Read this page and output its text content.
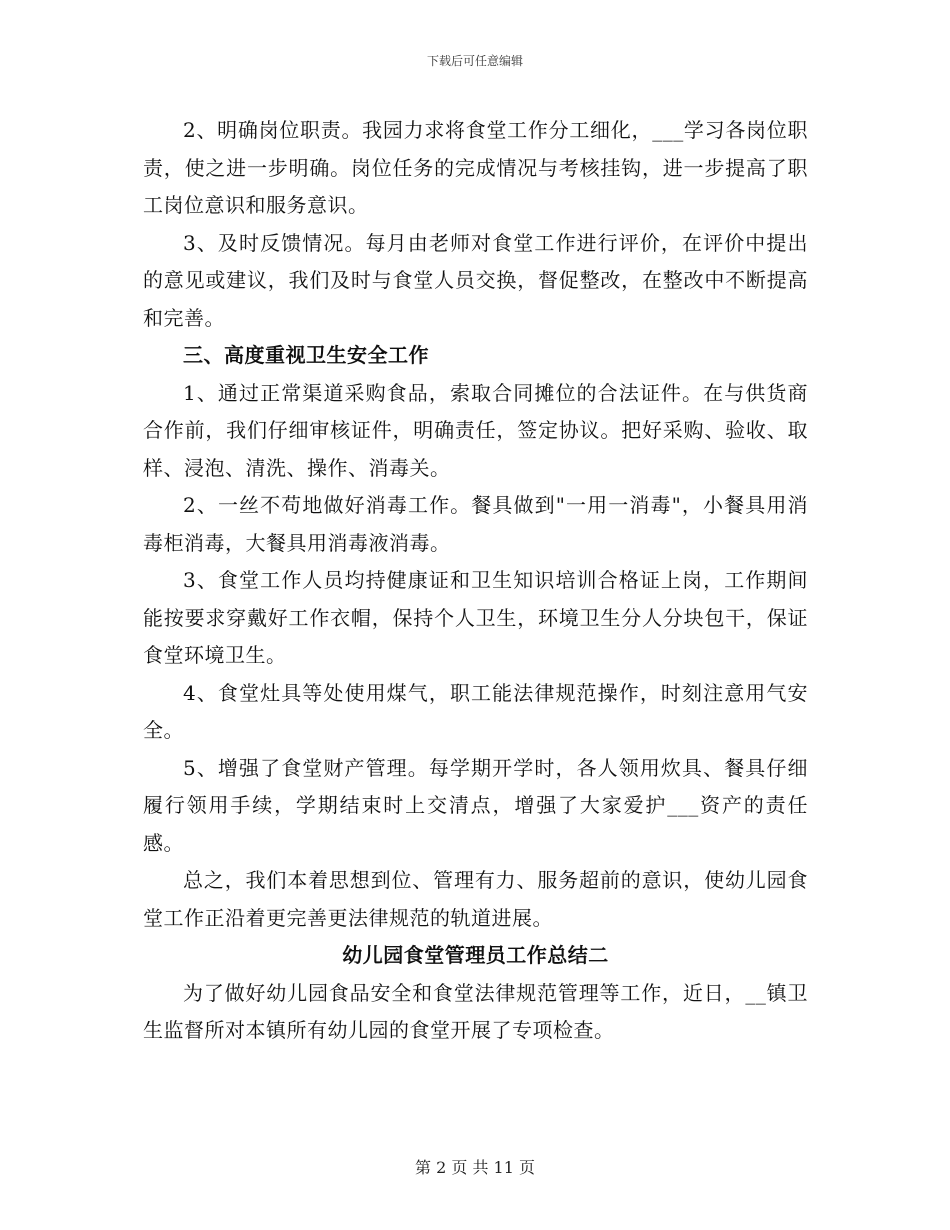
下载后可任意编辑

2、明确岗位职责。我园力求将食堂工作分工细化，___学习各岗位职责，使之进一步明确。岗位任务的完成情况与考核挂钩，进一步提高了职工岗位意识和服务意识。

3、及时反馈情况。每月由老师对食堂工作进行评价，在评价中提出的意见或建议，我们及时与食堂人员交换，督促整改，在整改中不断提高和完善。

三、高度重视卫生安全工作

1、通过正常渠道采购食品，索取合同摊位的合法证件。在与供货商合作前，我们仔细审核证件，明确责任，签定协议。把好采购、验收、取样、浸泡、清洗、操作、消毒关。

2、一丝不苟地做好消毒工作。餐具做到"一用一消毒"，小餐具用消毒柜消毒，大餐具用消毒液消毒。

3、食堂工作人员均持健康证和卫生知识培训合格证上岗，工作期间能按要求穿戴好工作衣帽，保持个人卫生，环境卫生分人分块包干，保证食堂环境卫生。

4、食堂灶具等处使用煤气，职工能法律规范操作，时刻注意用气安全。

5、增强了食堂财产管理。每学期开学时，各人领用炊具、餐具仔细履行领用手续，学期结束时上交清点，增强了大家爱护___资产的责任感。

总之，我们本着思想到位、管理有力、服务超前的意识，使幼儿园食堂工作正沿着更完善更法律规范的轨道进展。

幼儿园食堂管理员工作总结二

为了做好幼儿园食品安全和食堂法律规范管理等工作，近日，__镇卫生监督所对本镇所有幼儿园的食堂开展了专项检查。

第 2 页 共 11 页
